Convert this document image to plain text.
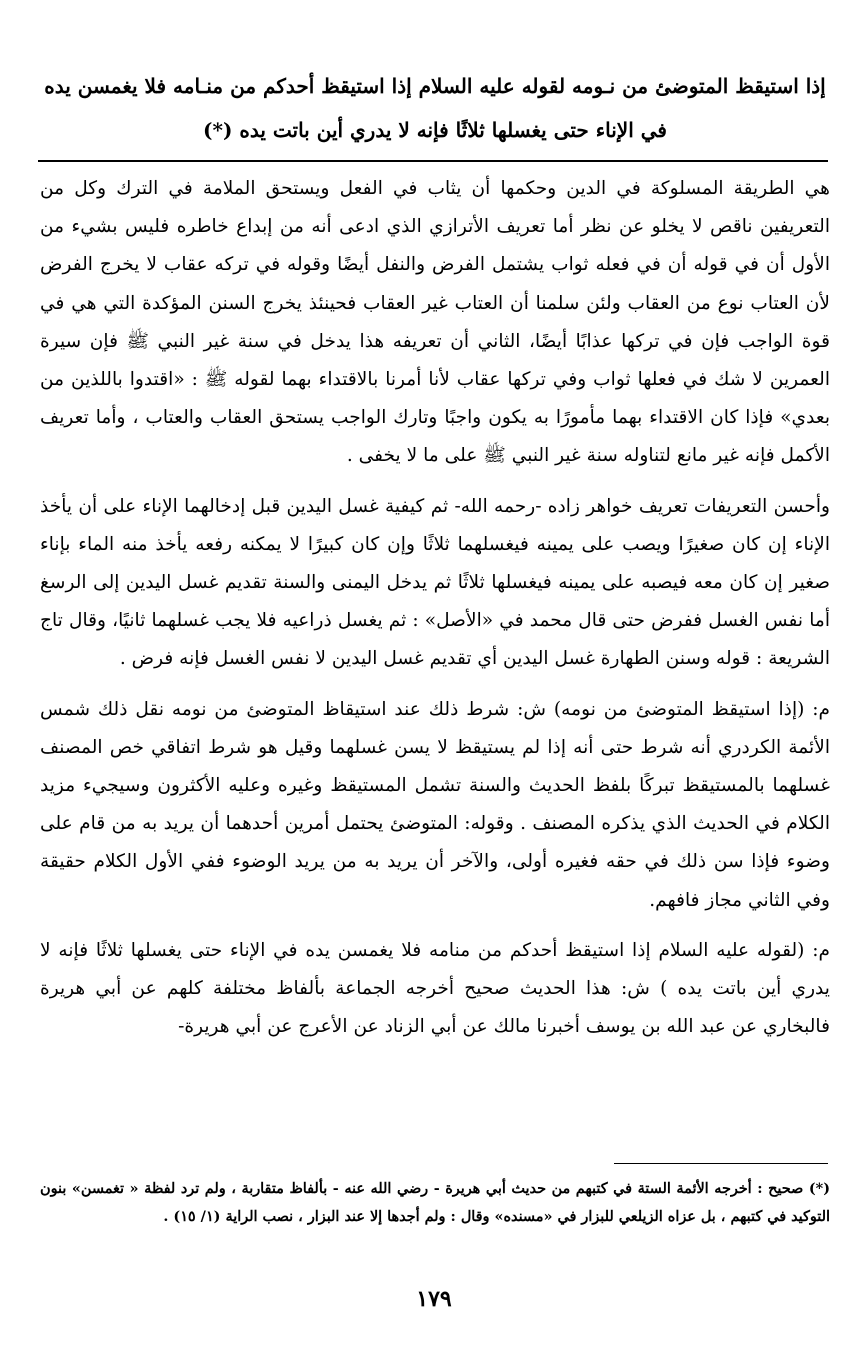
إذا استيقظ المتوضئ من نـومه لقوله عليه السلام إذا استيقظ أحدكم من منـامه فلا يغمسن يده في الإناء حتى يغسلها ثلاثًا فإنه لا يدري أين باتت يده (*)

هي الطريقة المسلوكة في الدين وحكمها أن يثاب في الفعل ويستحق الملامة في الترك وكل من التعريفين ناقص لا يخلو عن نظر أما تعريف الأترازي الذي ادعى أنه من إبداع خاطره فليس بشيء من الأول أن في قوله أن في فعله ثواب يشتمل الفرض والنفل أيضًا وقوله في تركه عقاب لا يخرج الفرض لأن العتاب نوع من العقاب ولئن سلمنا أن العتاب غير العقاب فحينئذ يخرج السنن المؤكدة التي هي في قوة الواجب فإن في تركها عذابًا أيضًا، الثاني أن تعريفه هذا يدخل في سنة غير النبي ﷺ فإن سيرة العمرين لا شك في فعلها ثواب وفي تركها عقاب لأنا أمرنا بالاقتداء بهما لقوله ﷺ : «اقتدوا باللذين من بعدي» فإذا كان الاقتداء بهما مأمورًا به يكون واجبًا وتارك الواجب يستحق العقاب والعتاب ، وأما تعريف الأكمل فإنه غير مانع لتناوله سنة غير النبي ﷺ على ما لا يخفى .

وأحسن التعريفات تعريف خواهر زاده -رحمه الله- ثم كيفية غسل اليدين قبل إدخالهما الإناء على أن يأخذ الإناء إن كان صغيرًا ويصب على يمينه فيغسلهما ثلاثًا وإن كان كبيرًا لا يمكنه رفعه يأخذ منه الماء بإناء صغير إن كان معه فيصبه على يمينه فيغسلها ثلاثًا ثم يدخل اليمنى والسنة تقديم غسل اليدين إلى الرسغ أما نفس الغسل ففرض حتى قال محمد في «الأصل» : ثم يغسل ذراعيه فلا يجب غسلهما ثانيًا، وقال تاج الشريعة : قوله وسنن الطهارة غسل اليدين أي تقديم غسل اليدين لا نفس الغسل فإنه فرض .

م: (إذا استيقظ المتوضئ من نومه) ش: شرط ذلك عند استيقاظ المتوضئ من نومه نقل ذلك شمس الأئمة الكردري أنه شرط حتى أنه إذا لم يستيقظ لا يسن غسلهما وقيل هو شرط اتفاقي خص المصنف غسلهما بالمستيقظ تبركًا بلفظ الحديث والسنة تشمل المستيقظ وغيره وعليه الأكثرون وسيجيء مزيد الكلام في الحديث الذي يذكره المصنف . وقوله: المتوضئ يحتمل أمرين أحدهما أن يريد به من قام على وضوء فإذا سن ذلك في حقه فغيره أولى، والآخر أن يريد به من يريد الوضوء ففي الأول الكلام حقيقة وفي الثاني مجاز فافهم.

م: (لقوله عليه السلام إذا استيقظ أحدكم من منامه فلا يغمسن يده في الإناء حتى يغسلها ثلاثًا فإنه لا يدري أين باتت يده ) ش: هذا الحديث صحيح أخرجه الجماعة بألفاظ مختلفة كلهم عن أبي هريرة فالبخاري عن عبد الله بن يوسف أخبرنا مالك عن أبي الزناد عن الأعرج عن أبي هريرة-

(*) صحيح : أخرجه الأئمة الستة في كتبهم من حديث أبي هريرة - رضي الله عنه - بألفاظ متقاربة ، ولم ترد لفظة « تغمسن» بنون التوكيد في كتبهم ، بل عزاه الزيلعي للبزار في «مسنده» وقال : ولم أجدها إلا عند البزار ، نصب الراية (١/ ١٥) .

١٧٩
